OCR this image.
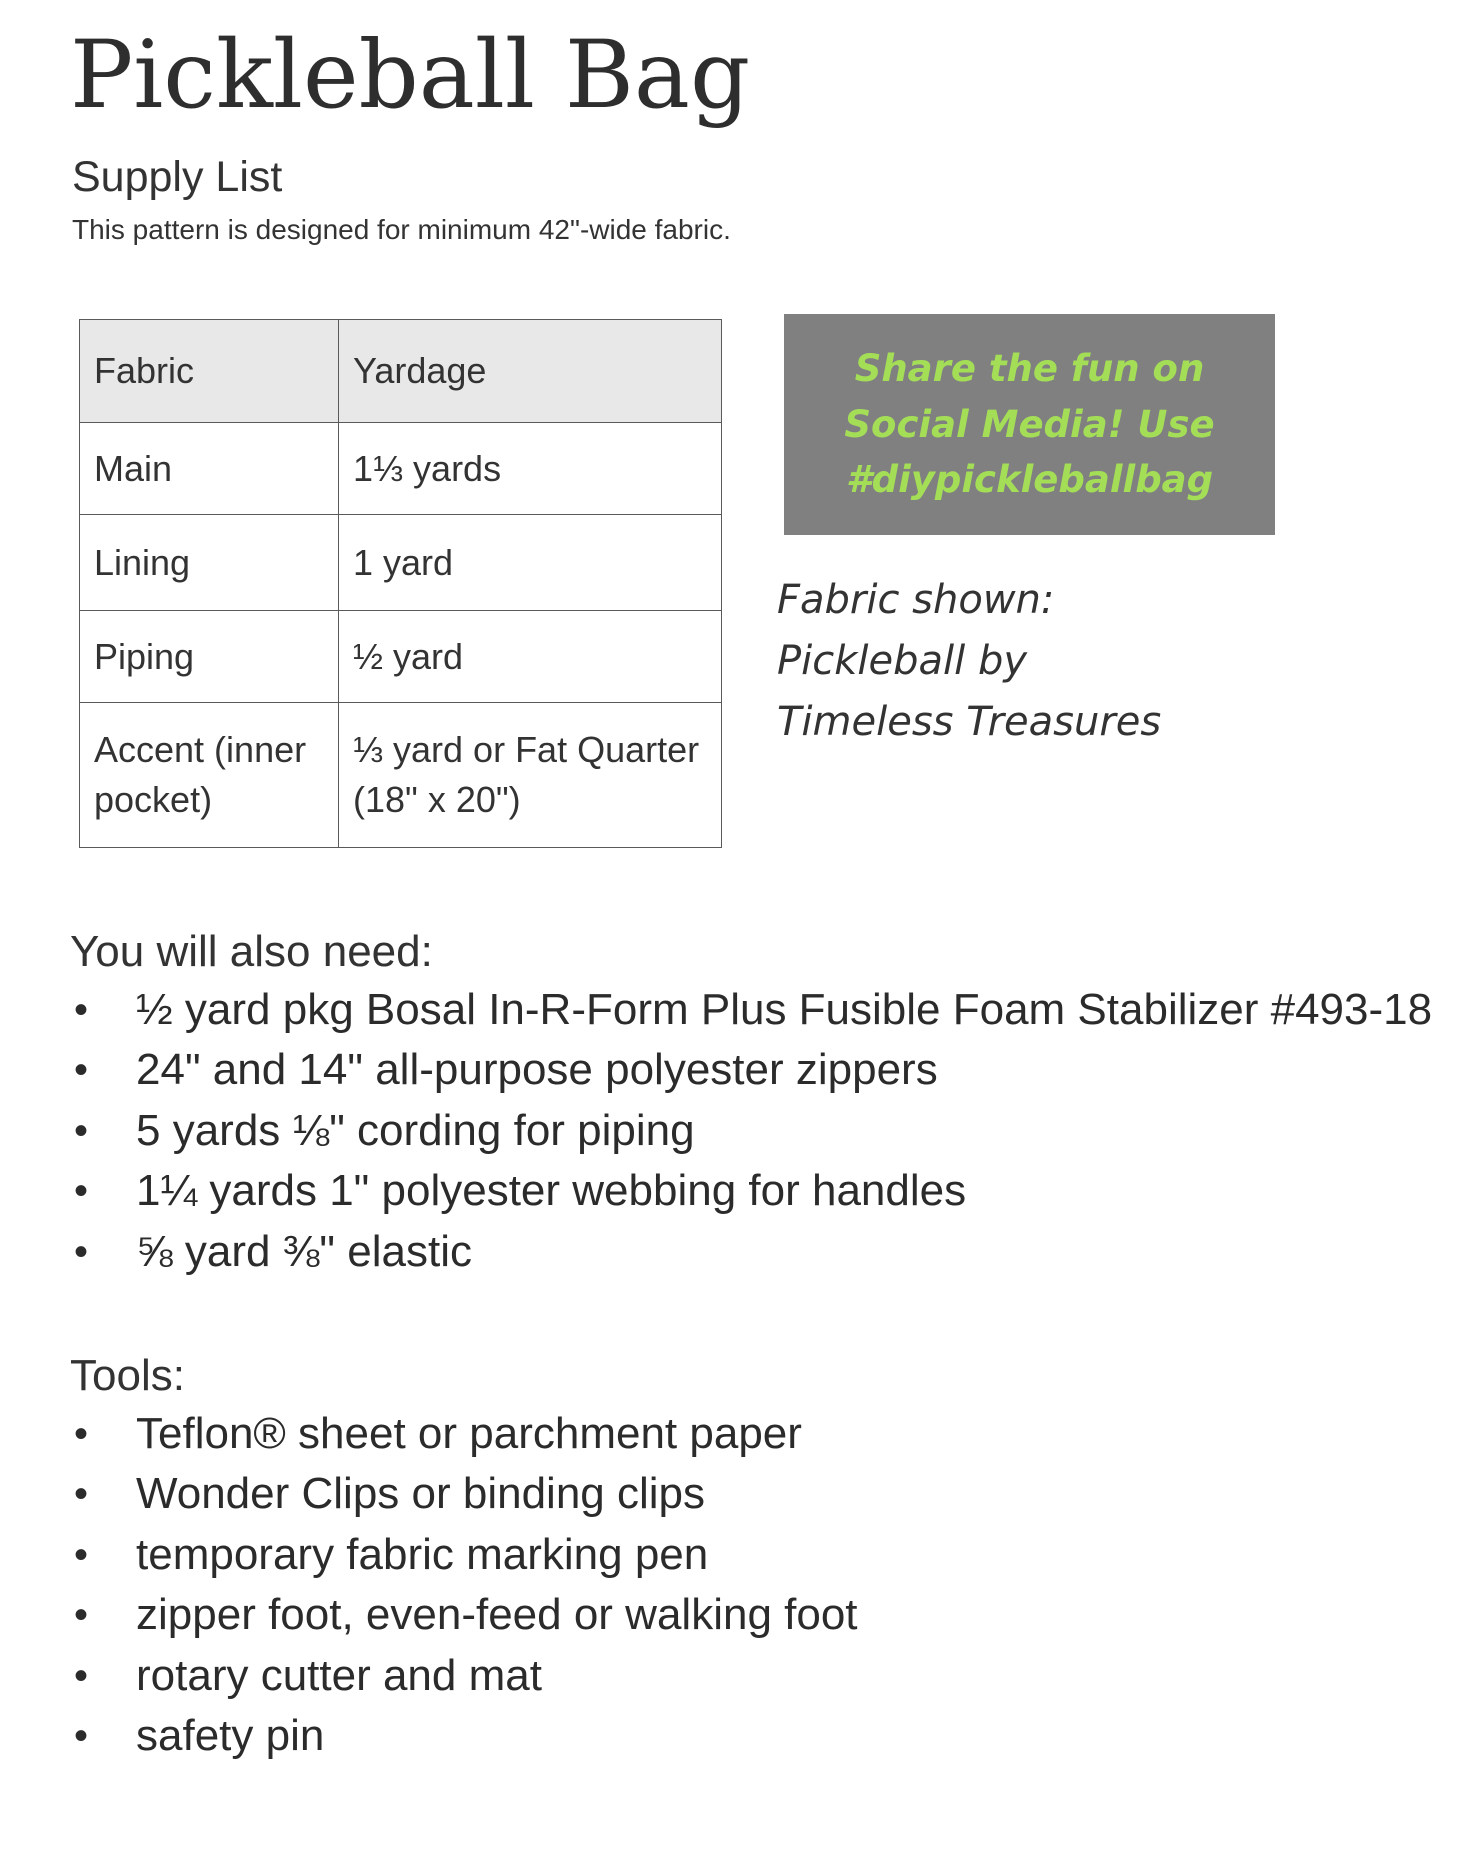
Pickleball Bag
Supply List
This pattern is designed for minimum 42"-wide fabric.
Fabric	Yardage
Main	1⅓ yards
Lining	1 yard
Piping	½ yard
Accent (inner pocket)	⅓ yard or Fat Quarter (18" x 20")
Share the fun on Social Media! Use #diypickleballbag
Fabric shown:
Pickleball by
Timeless Treasures
You will also need:
• ½ yard pkg Bosal In-R-Form Plus Fusible Foam Stabilizer #493-18
• 24" and 14" all-purpose polyester zippers
• 5 yards ⅛" cording for piping
• 1¼ yards 1" polyester webbing for handles
• ⅝ yard ⅜" elastic
Tools:
• Teflon® sheet or parchment paper
• Wonder Clips or binding clips
• temporary fabric marking pen
• zipper foot, even-feed or walking foot
• rotary cutter and mat
• safety pin
